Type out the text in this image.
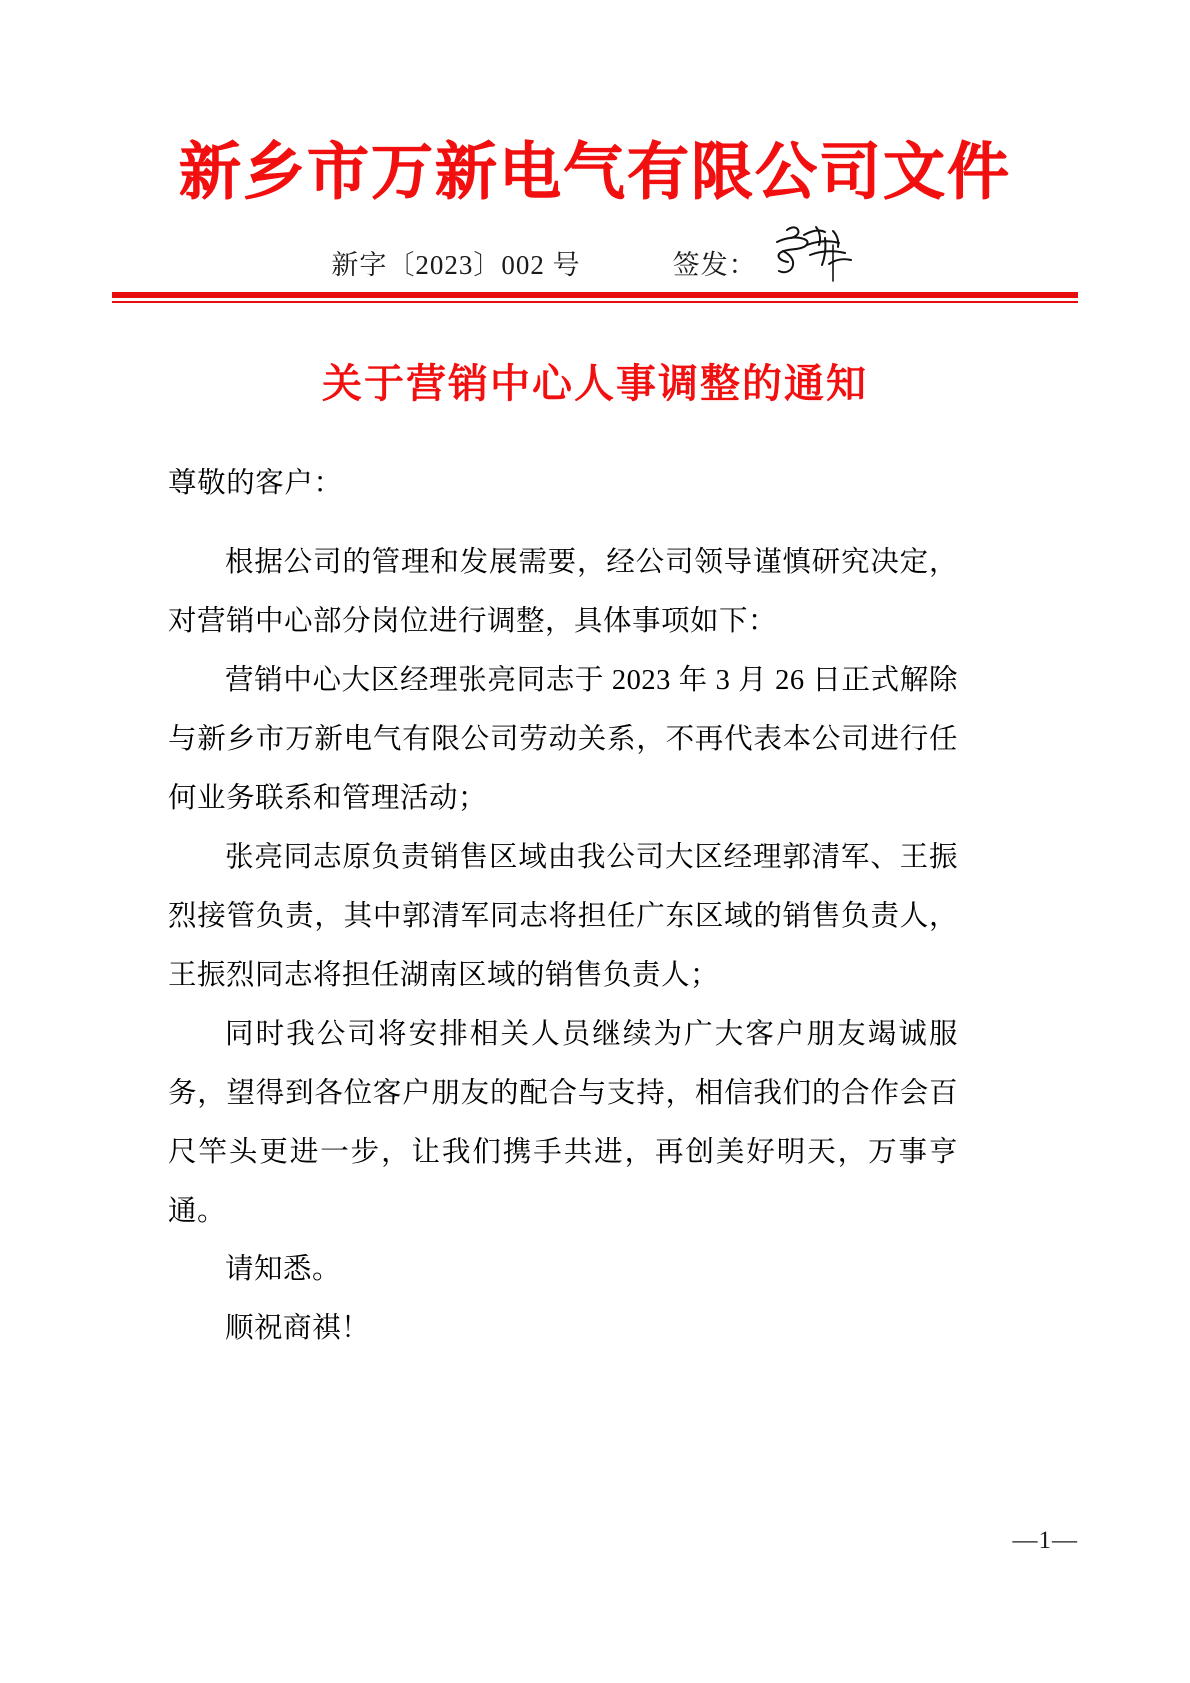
新乡市万新电气有限公司文件
新字〔2023〕002 号	签发：
关于营销中心人事调整的通知
尊敬的客户：

根据公司的管理和发展需要，经公司领导谨慎研究决定，对营销中心部分岗位进行调整，具体事项如下：

营销中心大区经理张亮同志于 2023 年 3 月 26 日正式解除与新乡市万新电气有限公司劳动关系，不再代表本公司进行任何业务联系和管理活动；

张亮同志原负责销售区域由我公司大区经理郭清军、王振烈接管负责，其中郭清军同志将担任广东区域的销售负责人，王振烈同志将担任湖南区域的销售负责人；

同时我公司将安排相关人员继续为广大客户朋友竭诚服务，望得到各位客户朋友的配合与支持，相信我们的合作会百尺竿头更进一步，让我们携手共进，再创美好明天，万事亨通。

请知悉。
顺祝商祺！
—1—
